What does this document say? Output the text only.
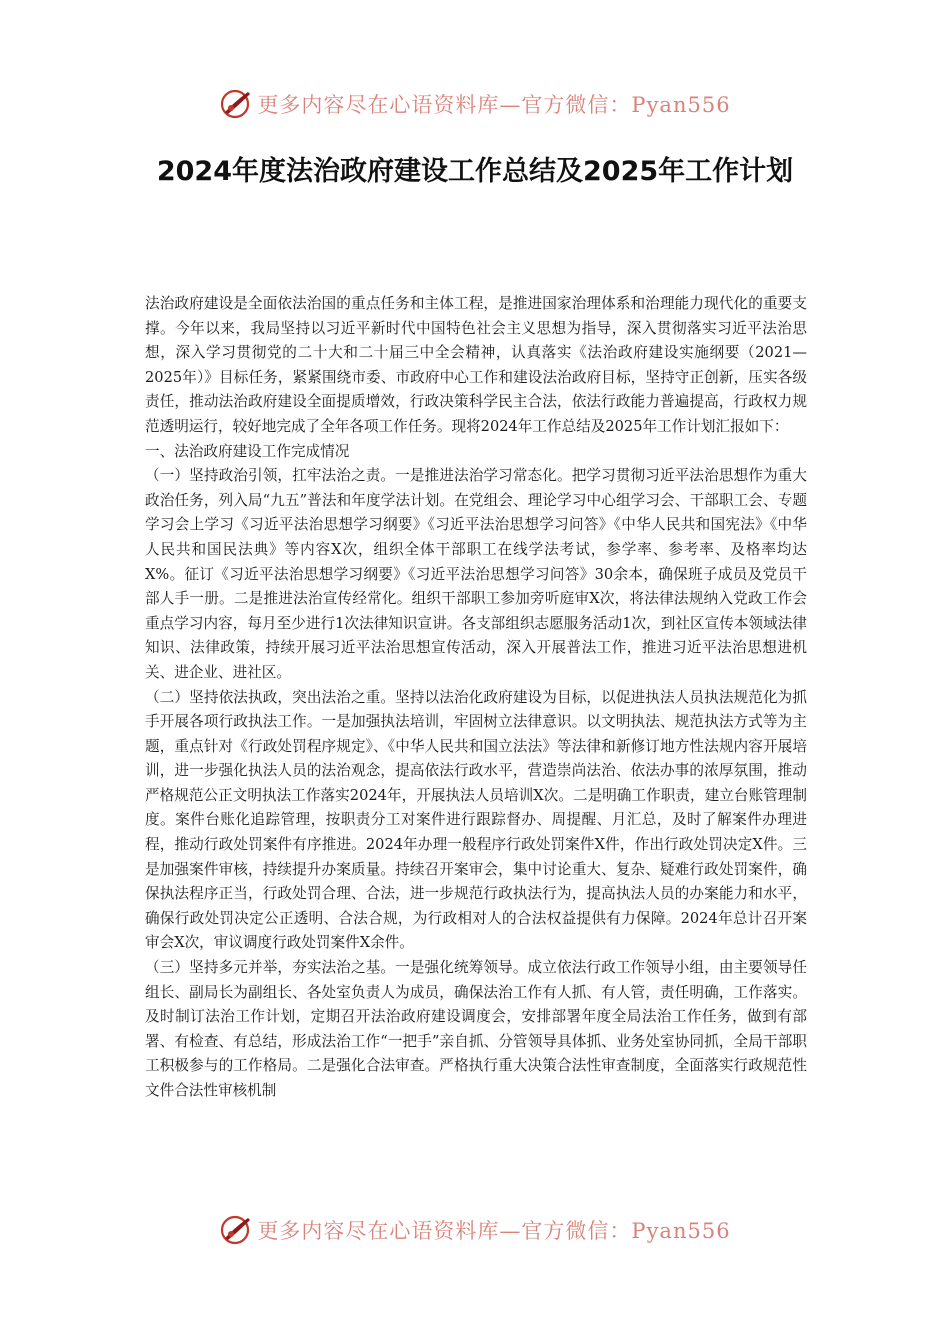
更多内容尽在心语资料库—官方微信：Pyan556
2024年度法治政府建设工作总结及2025年工作计划

法治政府建设是全面依法治国的重点任务和主体工程，是推进国家治理体系和治理能力现代化的重要支撑。今年以来，我局坚持以习近平新时代中国特色社会主义思想为指导，深入贯彻落实习近平法治思想，深入学习贯彻党的二十大和二十届三中全会精神，认真落实《法治政府建设实施纲要（2021—2025年）》目标任务，紧紧围绕市委、市政府中心工作和建设法治政府目标，坚持守正创新，压实各级责任，推动法治政府建设全面提质增效，行政决策科学民主合法，依法行政能力普遍提高，行政权力规范透明运行，较好地完成了全年各项工作任务。现将2024年工作总结及2025年工作计划汇报如下：

一、法治政府建设工作完成情况

（一）坚持政治引领，扛牢法治之责。一是推进法治学习常态化。把学习贯彻习近平法治思想作为重大政治任务，列入局“九五”普法和年度学法计划。在党组会、理论学习中心组学习会、干部职工会、专题学习会上学习《习近平法治思想学习纲要》《习近平法治思想学习问答》《中华人民共和国宪法》《中华人民共和国民法典》等内容X次，组织全体干部职工在线学法考试，参学率、参考率、及格率均达X%。征订《习近平法治思想学习纲要》《习近平法治思想学习问答》30余本，确保班子成员及党员干部人手一册。二是推进法治宣传经常化。组织干部职工参加旁听庭审X次，将法律法规纳入党政工作会重点学习内容，每月至少进行1次法律知识宣讲。各支部组织志愿服务活动1次，到社区宣传本领域法律知识、法律政策，持续开展习近平法治思想宣传活动，深入开展普法工作，推进习近平法治思想进机关、进企业、进社区。

（二）坚持依法执政，突出法治之重。坚持以法治化政府建设为目标，以促进执法人员执法规范化为抓手开展各项行政执法工作。一是加强执法培训，牢固树立法律意识。以文明执法、规范执法方式等为主题，重点针对《行政处罚程序规定》、《中华人民共和国立法法》等法律和新修订地方性法规内容开展培训，进一步强化执法人员的法治观念，提高依法行政水平，营造崇尚法治、依法办事的浓厚氛围，推动严格规范公正文明执法工作落实2024年，开展执法人员培训X次。二是明确工作职责，建立台账管理制度。案件台账化追踪管理，按职责分工对案件进行跟踪督办、周提醒、月汇总，及时了解案件办理进程，推动行政处罚案件有序推进。2024年办理一般程序行政处罚案件X件，作出行政处罚决定X件。三是加强案件审核，持续提升办案质量。持续召开案审会，集中讨论重大、复杂、疑难行政处罚案件，确保执法程序正当，行政处罚合理、合法，进一步规范行政执法行为，提高执法人员的办案能力和水平，确保行政处罚决定公正透明、合法合规，为行政相对人的合法权益提供有力保障。2024年总计召开案审会X次，审议调度行政处罚案件X余件。

（三）坚持多元并举，夯实法治之基。一是强化统筹领导。成立依法行政工作领导小组，由主要领导任组长、副局长为副组长、各处室负责人为成员，确保法治工作有人抓、有人管，责任明确，工作落实。及时制订法治工作计划，定期召开法治政府建设调度会，安排部署年度全局法治工作任务，做到有部署、有检查、有总结，形成法治工作“一把手”亲自抓、分管领导具体抓、业务处室协同抓，全局干部职工积极参与的工作格局。二是强化合法审查。严格执行重大决策合法性审查制度，全面落实行政规范性文件合法性审核机制

更多内容尽在心语资料库—官方微信：Pyan556
